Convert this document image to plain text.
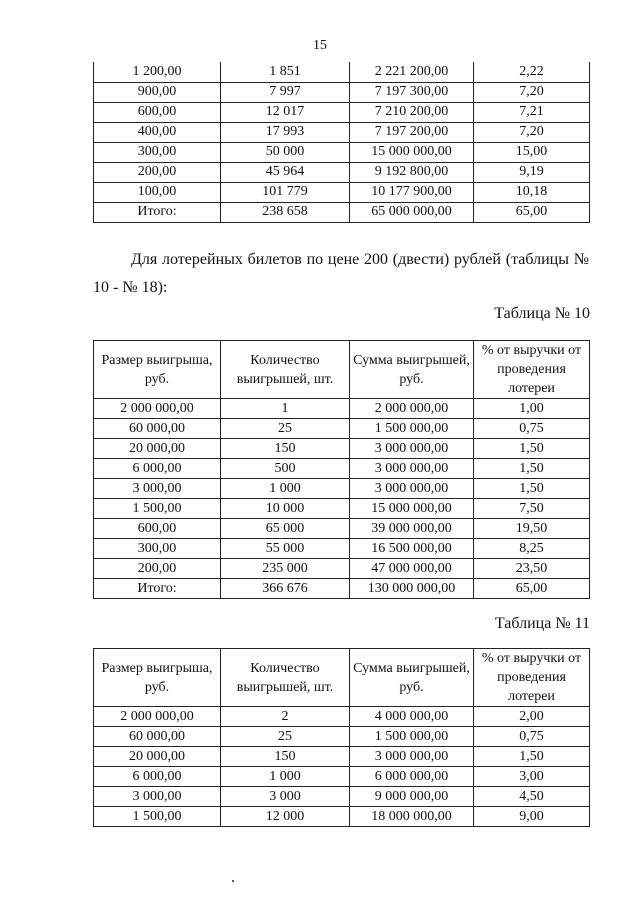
15
1 200,00	1 851	2 221 200,00	2,22
900,00	7 997	7 197 300,00	7,20
600,00	12 017	7 210 200,00	7,21
400,00	17 993	7 197 200,00	7,20
300,00	50 000	15 000 000,00	15,00
200,00	45 964	9 192 800,00	9,19
100,00	101 779	10 177 900,00	10,18
Итого:	238 658	65 000 000,00	65,00

Для лотерейных билетов по цене 200 (двести) рублей (таблицы № 10 - № 18):

Таблица № 10
Размер выигрыша, руб.	Количество выигрышей, шт.	Сумма выигрышей, руб.	% от выручки от проведения лотереи
2 000 000,00	1	2 000 000,00	1,00
60 000,00	25	1 500 000,00	0,75
20 000,00	150	3 000 000,00	1,50
6 000,00	500	3 000 000,00	1,50
3 000,00	1 000	3 000 000,00	1,50
1 500,00	10 000	15 000 000,00	7,50
600,00	65 000	39 000 000,00	19,50
300,00	55 000	16 500 000,00	8,25
200,00	235 000	47 000 000,00	23,50
Итого:	366 676	130 000 000,00	65,00
Таблица № 11
Размер выигрыша, руб.	Количество выигрышей, шт.	Сумма выигрышей, руб.	% от выручки от проведения лотереи
2 000 000,00	2	4 000 000,00	2,00
60 000,00	25	1 500 000,00	0,75
20 000,00	150	3 000 000,00	1,50
6 000,00	1 000	6 000 000,00	3,00
3 000,00	3 000	9 000 000,00	4,50
1 500,00	12 000	18 000 000,00	9,00
